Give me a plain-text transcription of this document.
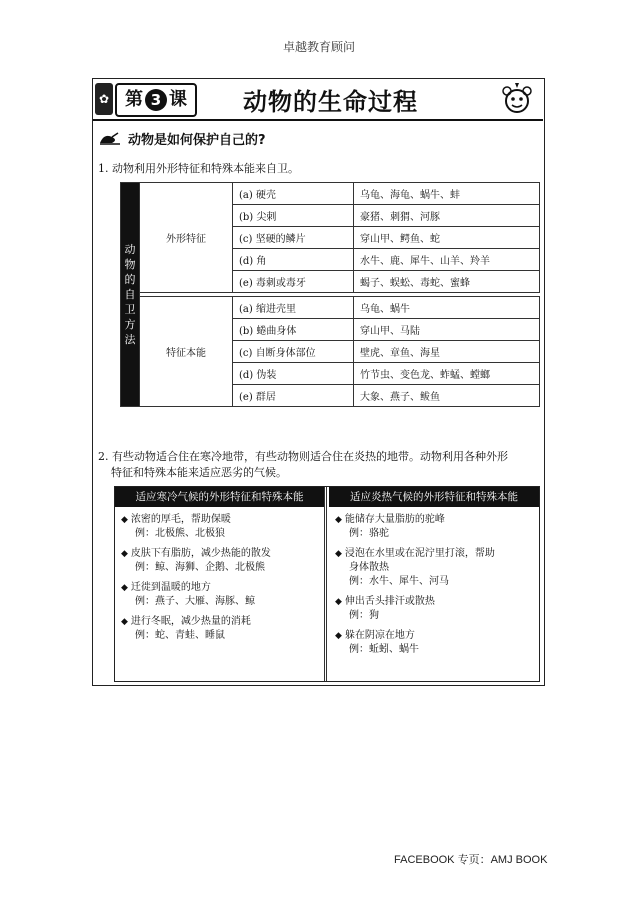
卓越教育顾问
✿ 第 3 课 动物的生命过程
动物是如何保护自己的?
1. 动物利用外形特征和特殊本能来自卫。
动物的自卫方法	外形特征	(a) 硬壳	乌龟、海龟、蜗牛、蚌
		(b) 尖刺	豪猪、刺猬、河豚
		(c) 坚硬的鳞片	穿山甲、鳄鱼、蛇
		(d) 角	水牛、鹿、犀牛、山羊、羚羊
		(e) 毒刺或毒牙	蝎子、蜈蚣、毒蛇、蜜蜂

	特征本能	(a) 缩进壳里	乌龟、蜗牛
		(b) 蜷曲身体	穿山甲、马陆
		(c) 自断身体部位	壁虎、章鱼、海星
		(d) 伪装	竹节虫、变色龙、蚱蜢、螳螂
		(e) 群居	大象、燕子、鲅鱼
2. 有些动物适合住在寒冷地带，有些动物则适合住在炎热的地带。动物利用各种外形
特征和特殊本能来适应恶劣的气候。
适应寒冷气候的外形特征和特殊本能
◆ 浓密的厚毛，帮助保暖
例：北极熊、北极狼
◆ 皮肤下有脂肪，减少热能的散发
例：鲸、海狮、企鹅、北极熊
◆ 迁徙到温暖的地方
例：燕子、大雁、海豚、鲸
◆ 进行冬眠，减少热量的消耗
例：蛇、青蛙、睡鼠
适应炎热气候的外形特征和特殊本能
◆ 能储存大量脂肪的驼峰
例：骆驼
◆ 浸泡在水里或在泥泞里打滚，帮助
身体散热
例：水牛、犀牛、河马
◆ 伸出舌头排汗或散热
例：狗
◆ 躲在阴凉在地方
例：蚯蚓、蜗牛
FACEBOOK 专页：AMJ BOOK
